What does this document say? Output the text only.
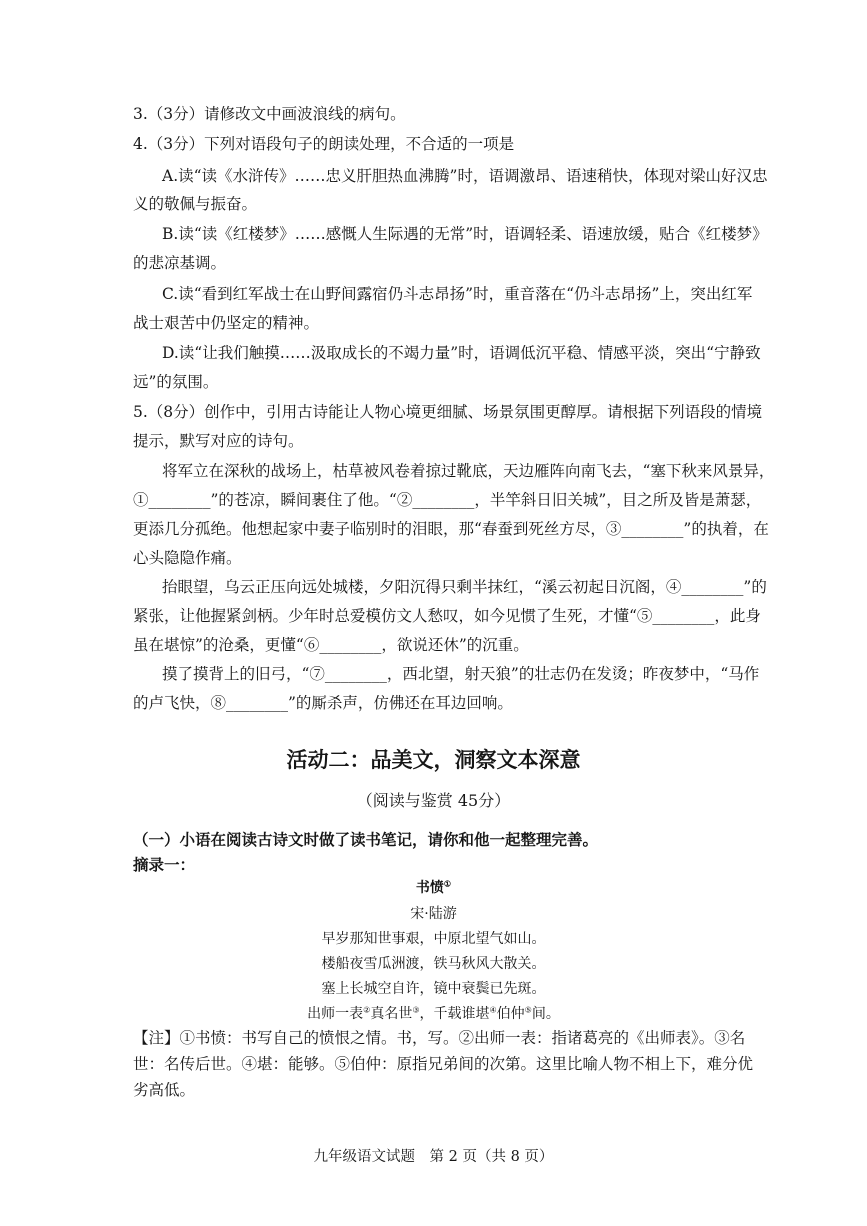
3.（3分）请修改文中画波浪线的病句。
4.（3分）下列对语段句子的朗读处理，不合适的一项是
A.读“读《水浒传》……忠义肝胆热血沸腾”时，语调激昂、语速稍快，体现对梁山好汉忠
义的敬佩与振奋。
B.读“读《红楼梦》……感慨人生际遇的无常”时，语调轻柔、语速放缓，贴合《红楼梦》
的悲凉基调。
C.读“看到红军战士在山野间露宿仍斗志昂扬”时，重音落在“仍斗志昂扬”上，突出红军
战士艰苦中仍坚定的精神。
D.读“让我们触摸……汲取成长的不竭力量”时，语调低沉平稳、情感平淡，突出“宁静致
远”的氛围。
5.（8分）创作中，引用古诗能让人物心境更细腻、场景氛围更醇厚。请根据下列语段的情境
提示，默写对应的诗句。
将军立在深秋的战场上，枯草被风卷着掠过靴底，天边雁阵向南飞去，“塞下秋来风景异，
①________”的苍凉，瞬间裹住了他。“②________，半竿斜日旧关城”，目之所及皆是萧瑟，
更添几分孤绝。他想起家中妻子临别时的泪眼，那“春蚕到死丝方尽，③________”的执着，在
心头隐隐作痛。
抬眼望，乌云正压向远处城楼，夕阳沉得只剩半抹红，“溪云初起日沉阁，④________”的
紧张，让他握紧剑柄。少年时总爱模仿文人愁叹，如今见惯了生死，才懂“⑤________，此身
虽在堪惊”的沧桑，更懂“⑥________，欲说还休”的沉重。
摸了摸背上的旧弓，“⑦________，西北望，射天狼”的壮志仍在发烫；昨夜梦中，“马作
的卢飞快，⑧________”的厮杀声，仿佛还在耳边回响。
活动二：品美文，洞察文本深意
（阅读与鉴赏 45分）
（一）小语在阅读古诗文时做了读书笔记，请你和他一起整理完善。
摘录一：
书愤①
宋·陆游
早岁那知世事艰，中原北望气如山。
楼船夜雪瓜洲渡，铁马秋风大散关。
塞上长城空自许，镜中衰鬓已先斑。
出师一表②真名世③，千载谁堪④伯仲⑤间。
【注】①书愤：书写自己的愤恨之情。书，写。②出师一表：指诸葛亮的《出师表》。③名
世：名传后世。④堪：能够。⑤伯仲：原指兄弟间的次第。这里比喻人物不相上下，难分优
劣高低。
九年级语文试题　第 2 页（共 8 页）
